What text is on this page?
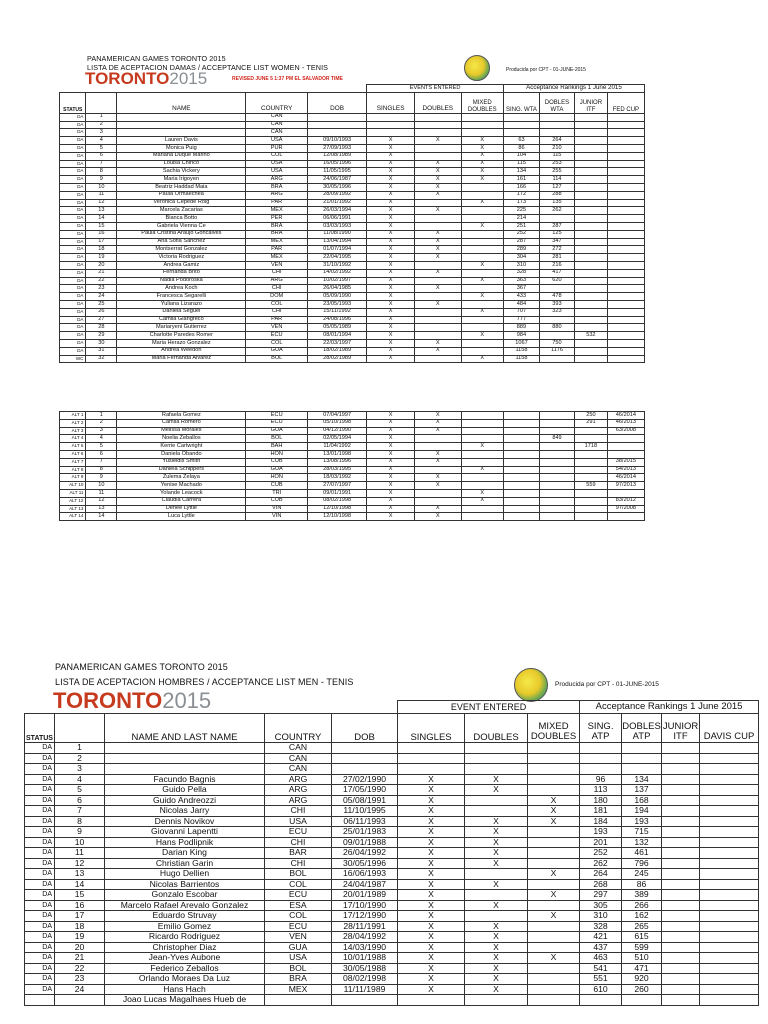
PANAMERICAN GAMES TORONTO 2015
LISTA DE ACEPTACION DAMAS / ACCEPTANCE LIST WOMEN - TENIS
TORONTO2015	REVISED JUNE 5 1:37 PM EL SALVADOR TIME
Producida por CPT - 01-JUNE-2015
					EVENTS ENTERED			Acceptance Rankings 1 June 2015			
STATUS		NAME	COUNTRY	DOB	SINGLES	DOUBLES	MIXED DOUBLES	SING. WTA	DOBLES WTA	JUNIOR ITF	FED CUP
DA	1		CAN								
DA	2		CAN								
DA	3		CAN								
DA	4	Lauren Davis	USA	09/10/1993	X	X	X	63	264		
DA	5	Monica Puig	PUR	27/09/1993	X		X	86	210		
DA	6	Mariana Duque Mariño	COL	12/08/1989	X		X	104	115		
DA	7	Louisa Chirico	USA	16/05/1996	X	X	X	115	253		
DA	8	Sachia Vickery	USA	11/05/1995	X	X	X	134	255		
DA	9	Maria Irigoyen	ARG	24/06/1987	X	X	X	161	114		
DA	10	Beatriz Haddad Maia	BRA	30/05/1996	X	X		166	127		
DA	11	Paula Ormaechea	ARG	28/09/1992	X	X		172	288		
DA	12	Veronica Cepede Roig	PAR	21/01/1992	X		X	173	135		
DA	13	Marcela Zacarias	MEX	26/03/1994	X	X		225	262		
DA	14	Bianca Botto	PER	06/06/1991	X			214			
DA	15	Gabriela Vienna Ce	BRA	03/03/1993	X		X	251	287		
DA	16	Paula Cristina Araujo Goncalves	BRA	11/08/1990	X	X		252	125		
DA	17	Ana Sofia Sanchez	MEX	13/04/1994	X	X		287	347		
DA	18	Montserrat Gonzalez	PAR	01/07/1994	X	X		289	272		
DA	19	Victoria Rodriguez	MEX	22/04/1995	X	X		304	281		
DA	20	Andrea Gamiz	VEN	31/10/1992	X		X	310	216		
DA	21	Fernanda Brito	CHI	14/02/1992	X	X		328	417		
DA	22	Nadia Podoroska	ARG	10/02/1997	X		X	363	620		
DA	23	Andrea Koch	CHI	26/04/1985	X	X		367			
DA	24	Francesca Segarelli	DOM	05/09/1990	X		X	433	478		
DA	25	Yuliana Lizarazo	COL	23/05/1993	X	X		484	393		
DA	26	Daniela Seguel	CHI	15/11/1992	X		X	707	323		
DA	27	Camila Giangreco	PAR	24/08/1996	X			777			
DA	28	Mariaryeni Gutierrez	VEN	05/05/1989	X			889	880		
DA	29	Charlotte Paredes Romer	ECU	08/01/1994	X		X	984		532	
DA	30	Maria Herazo Gonzalez	COL	22/03/1997	X	X		1067	750		
DA	31	Andrea Weedon	GUA	18/02/1989	X	X		1158	1176		
WC	32	Maria Fernanda Alvarez	BOL	28/02/1989	X		X	1158			
ALT 1	1	Rafaela Gomez	ECU	07/04/1997	X	X				250	46/2014
ALT 2	2	Camila Romero	ECU	05/10/1998	X	X				291	46/2013
ALT 3	3	Melissa Morales	GUA	04/12/1990	X	X					63/2008
ALT 4	4	Noelia Zeballos	BOL	02/05/1994	X				849		
ALT 5	5	Kerrie Cartwright	BAH	11/04/1992	X		X			1718	
ALT 6	6	Daniela Obando	HON	13/01/1998	X	X					
ALT 7	7	Yusleidis Smith	CUB	13/08/1996	X	X					38/2015
ALT 8	8	Daniela Schippers	GUA	28/03/1995	X		X				54/2013
ALT 9	9	Zulema Zelaya	HON	18/03/1992	X	X					46/2014
ALT 10	10	Yenise Machado	CUB	27/07/1997	X	X				559	97/2013
ALT 11	11	Yolande Leacock	TRI	09/01/1991	X		X				
ALT 12	12	Claudia Carrera	CUB	08/02/1998	X		X				83/2012
ALT 13	13	Denee Lyttle	VIN	12/10/1998	X	X					97/2008
ALT 14	14	Luca Lyttle	VIN	12/10/1998	X	X					
PANAMERICAN GAMES TORONTO 2015
LISTA DE ACEPTACION HOMBRES / ACCEPTANCE LIST MEN - TENIS
TORONTO2015
Producida por CPT - 01-JUNE-2015
					EVENT ENTERED			Acceptance Rankings 1 June 2015			
STATUS		NAME AND LAST NAME	COUNTRY	DOB	SINGLES	DOUBLES	MIXED DOUBLES	SING. ATP	DOBLES ATP	JUNIOR ITF	DAVIS CUP
DA	1		CAN								
DA	2		CAN								
DA	3		CAN								
DA	4	Facundo Bagnis	ARG	27/02/1990	X	X		96	134		
DA	5	Guido Pella	ARG	17/05/1990	X	X		113	137		
DA	6	Guido Andreozzi	ARG	05/08/1991	X		X	180	168		
DA	7	Nicolas Jarry	CHI	11/10/1995	X		X	181	194		
DA	8	Dennis Novikov	USA	06/11/1993	X	X	X	184	193		
DA	9	Giovanni Lapentti	ECU	25/01/1983	X	X		193	715		
DA	10	Hans Podlipnik	CHI	09/01/1988	X	X		201	132		
DA	11	Darian King	BAR	26/04/1992	X	X		252	461		
DA	12	Christian Garin	CHI	30/05/1996	X	X		262	796		
DA	13	Hugo Dellien	BOL	16/06/1993	X		X	264	245		
DA	14	Nicolas Barrientos	COL	24/04/1987	X	X		268	86		
DA	15	Gonzalo Escobar	ECU	20/01/1989	X		X	297	389		
DA	16	Marcelo Rafael Arevalo Gonzalez	ESA	17/10/1990	X	X		305	266		
DA	17	Eduardo Struvay	COL	17/12/1990	X		X	310	162		
DA	18	Emilio Gomez	ECU	28/11/1991	X	X		328	265		
DA	19	Ricardo Rodriguez	VEN	28/04/1992	X	X		421	615		
DA	20	Christopher Diaz	GUA	14/03/1990	X	X		437	599		
DA	21	Jean-Yves Aubone	USA	10/01/1988	X	X	X	463	510		
DA	22	Federico Zeballos	BOL	30/05/1988	X	X		541	471		
DA	23	Orlando Moraes Da Luz	BRA	08/02/1998	X	X		551	920		
DA	24	Hans Hach	MEX	11/11/1989	X	X		610	260		
		Joao Lucas Magalhaes Hueb de									
